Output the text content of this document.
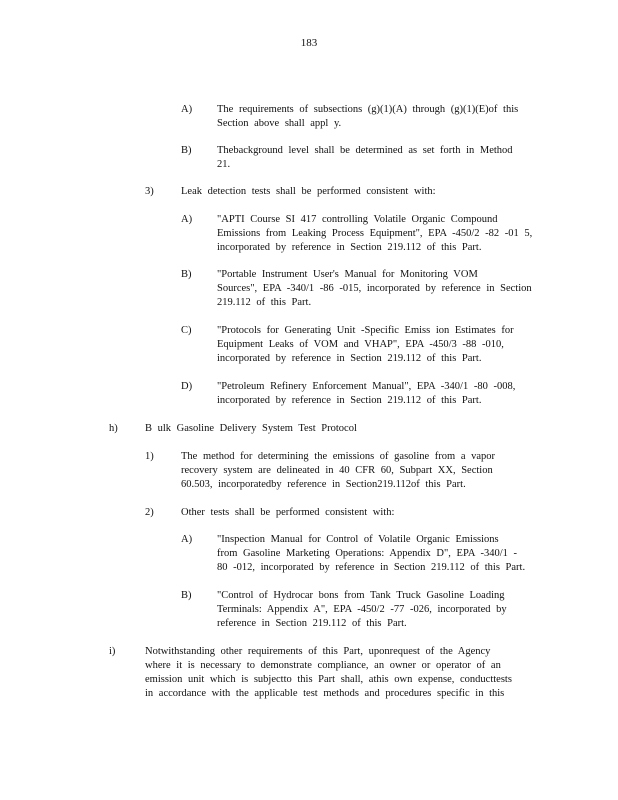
183
A) The requirements of subsections (g)(1)(A) through (g)(1)(E)of this
Section above shall appl y.
B) Thebackground level shall be determined as set forth in Method
21.
3)	Leak detection tests shall be performed consistent with:
A) "APTI Course SI 417 controlling Volatile Organic Compound
Emissions from Leaking Process Equipment", EPA -450/2 -82 -01 5,
incorporated by reference in Section 219.112 of this Part.
B) "Portable Instrument User's Manual for Monitoring VOM
Sources", EPA -340/1 -86 -015, incorporated by reference in Section
219.112 of this Part.
C) "Protocols for Generating Unit -Specific Emiss ion Estimates for
Equipment Leaks of VOM and VHAP", EPA -450/3 -88 -010,
incorporated by reference in Section 219.112 of this Part.
D) "Petroleum Refinery Enforcement Manual", EPA -340/1 -80 -008,
incorporated by reference in Section 219.112 of this Part.
h)	B ulk Gasoline Delivery System Test Protocol
1)	The method for determining the emissions of gasoline from a vapor
recovery system are delineated in 40 CFR 60, Subpart XX, Section
60.503, incorporatedby reference in Section219.112of this Part.
2)	Other tests shall be performed consistent with:
A) "Inspection Manual for Control of Volatile Organic Emissions
from Gasoline Marketing Operations: Appendix D", EPA -340/1 -
80 -012, incorporated by reference in Section 219.112 of this Part.
B) "Control of Hydrocar bons from Tank Truck Gasoline Loading
Terminals: Appendix A", EPA -450/2 -77 -026, incorporated by
reference in Section 219.112 of this Part.
i)	Notwithstanding other requirements of this Part, uponrequest of the Agency
where it is necessary to demonstrate compliance, an owner or operator of an
emission unit which is subjectto this Part shall, athis own expense, conducttests
in accordance with the applicable test methods and procedures specific in this
